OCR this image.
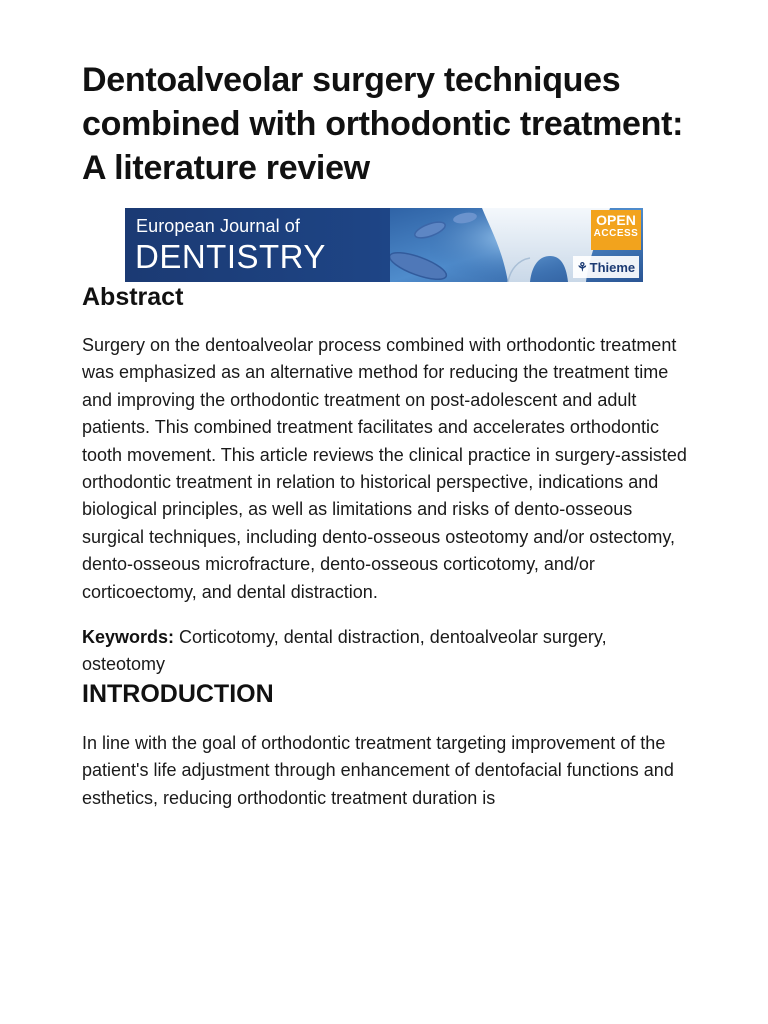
Dentoalveolar surgery techniques combined with orthodontic treatment: A literature review
European Journal of
DENTISTRY
OPEN
ACCESS
⚘ Thieme
Abstract

Surgery on the dentoalveolar process combined with orthodontic treatment was emphasized as an alternative method for reducing the treatment time and improving the orthodontic treatment on post-adolescent and adult patients. This combined treatment facilitates and accelerates orthodontic tooth movement. This article reviews the clinical practice in surgery-assisted orthodontic treatment in relation to historical perspective, indications and biological principles, as well as limitations and risks of dento-osseous surgical techniques, including dento-osseous osteotomy and/or ostectomy, dento-osseous microfracture, dento-osseous corticotomy, and/or corticoectomy, and dental distraction.

Keywords: Corticotomy, dental distraction, dentoalveolar surgery, osteotomy

INTRODUCTION

In line with the goal of orthodontic treatment targeting improvement of the patient's life adjustment through enhancement of dentofacial functions and esthetics, reducing orthodontic treatment duration is
